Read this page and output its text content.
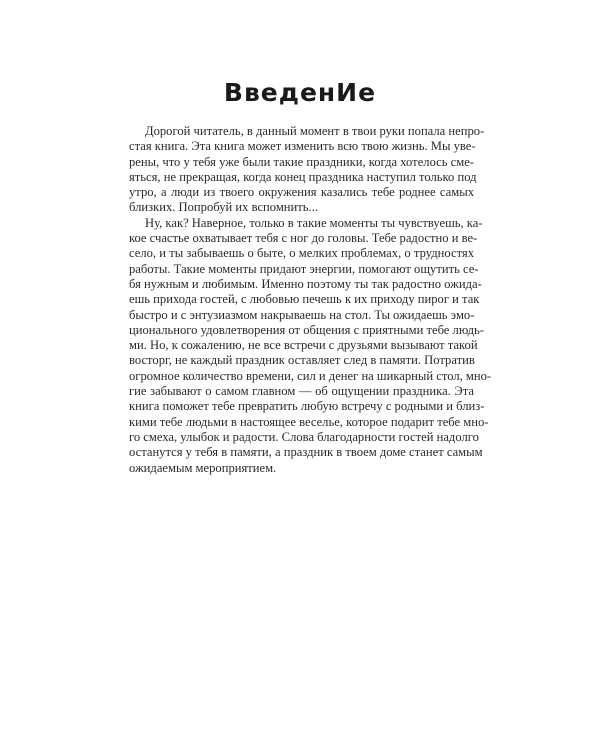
ВведенИе
Дорогой читатель, в данный момент в твои руки попала непро-
стая книга. Эта книга может изменить всю твою жизнь. Мы уве-
рены, что у тебя уже были такие праздники, когда хотелось сме-
яться, не прекращая, когда конец праздника наступил только под
утро, а люди из твоего окружения казались тебе роднее самых
близких. Попробуй их вспомнить...
Ну, как? Наверное, только в такие моменты ты чувствуешь, ка-
кое счастье охватывает тебя с ног до головы. Тебе радостно и ве-
село, и ты забываешь о быте, о мелких проблемах, о трудностях
работы. Такие моменты придают энергии, помогают ощутить се-
бя нужным и любимым. Именно поэтому ты так радостно ожида-
ешь прихода гостей, с любовью печешь к их приходу пирог и так
быстро и с энтузиазмом накрываешь на стол. Ты ожидаешь эмо-
ционального удовлетворения от общения с приятными тебе людь-
ми. Но, к сожалению, не все встречи с друзьями вызывают такой
восторг, не каждый праздник оставляет след в памяти. Потратив
огромное количество времени, сил и денег на шикарный стол, мно-
гие забывают о самом главном — об ощущении праздника. Эта
книга поможет тебе превратить любую встречу с родными и близ-
кими тебе людьми в настоящее веселье, которое подарит тебе мно-
го смеха, улыбок и радости. Слова благодарности гостей надолго
останутся у тебя в памяти, а праздник в твоем доме станет самым
ожидаемым мероприятием.
